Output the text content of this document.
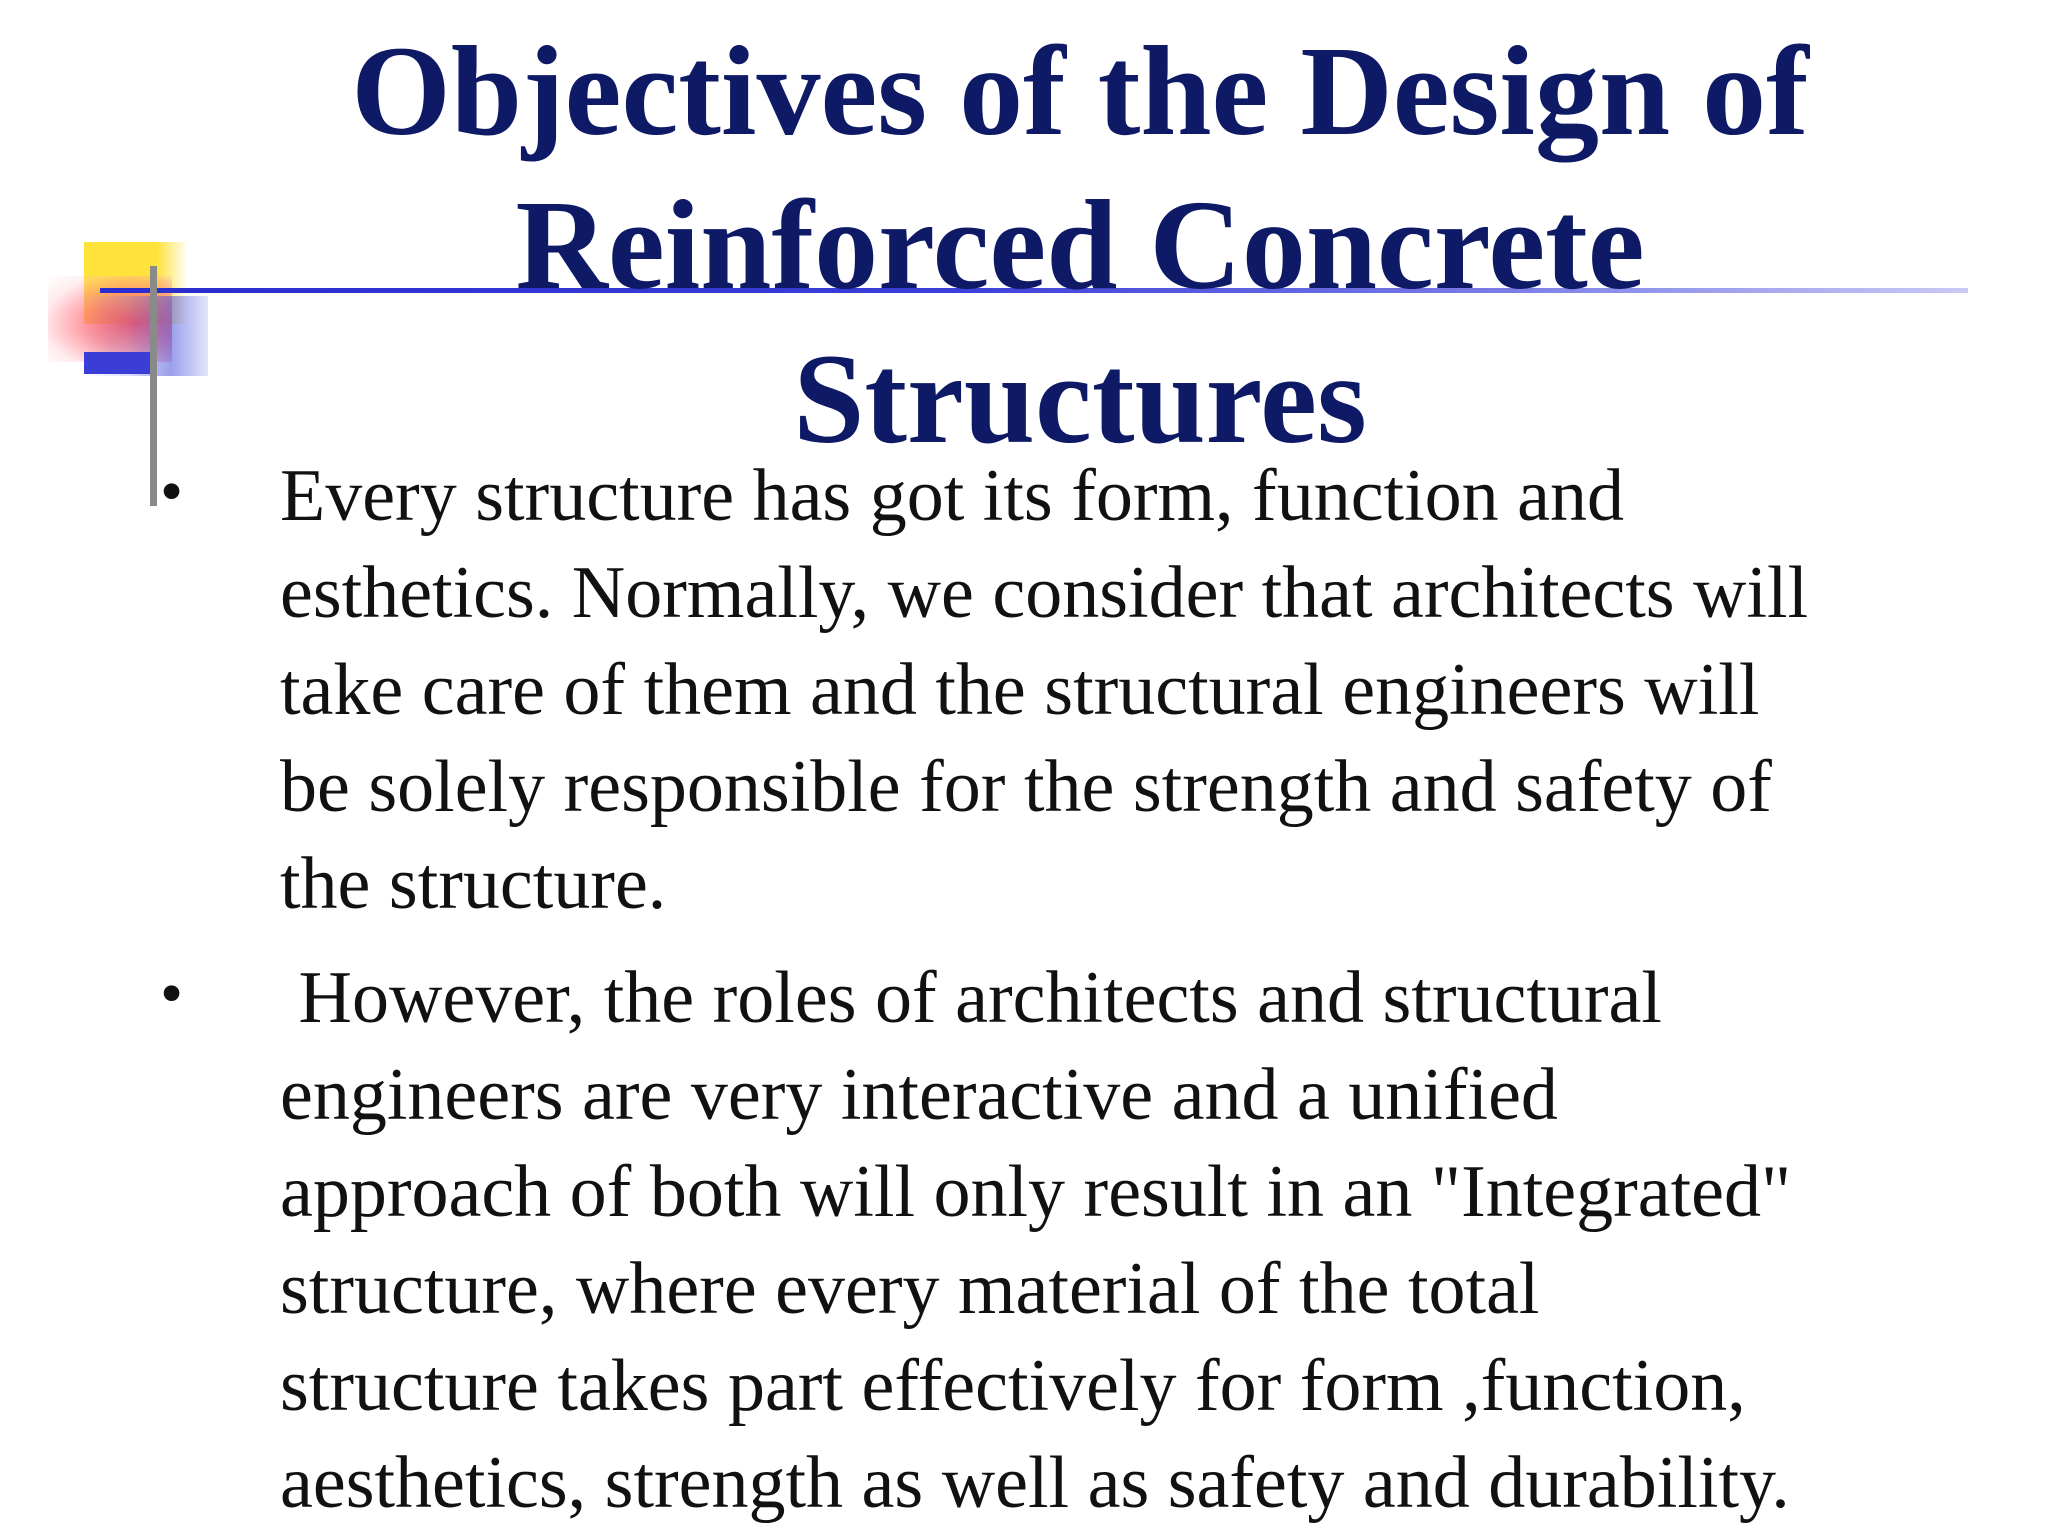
Objectives of the Design of
Reinforced Concrete
Structures
• Every structure has got its form, function and
esthetics. Normally, we consider that architects will
take care of them and the structural engineers will
be solely responsible for the strength and safety of
the structure.
• However, the roles of architects and structural
engineers are very interactive and a unified
approach of both will only result in an "Integrated"
structure, where every material of the total
structure takes part effectively for form ,function,
aesthetics, strength as well as safety and durability.
